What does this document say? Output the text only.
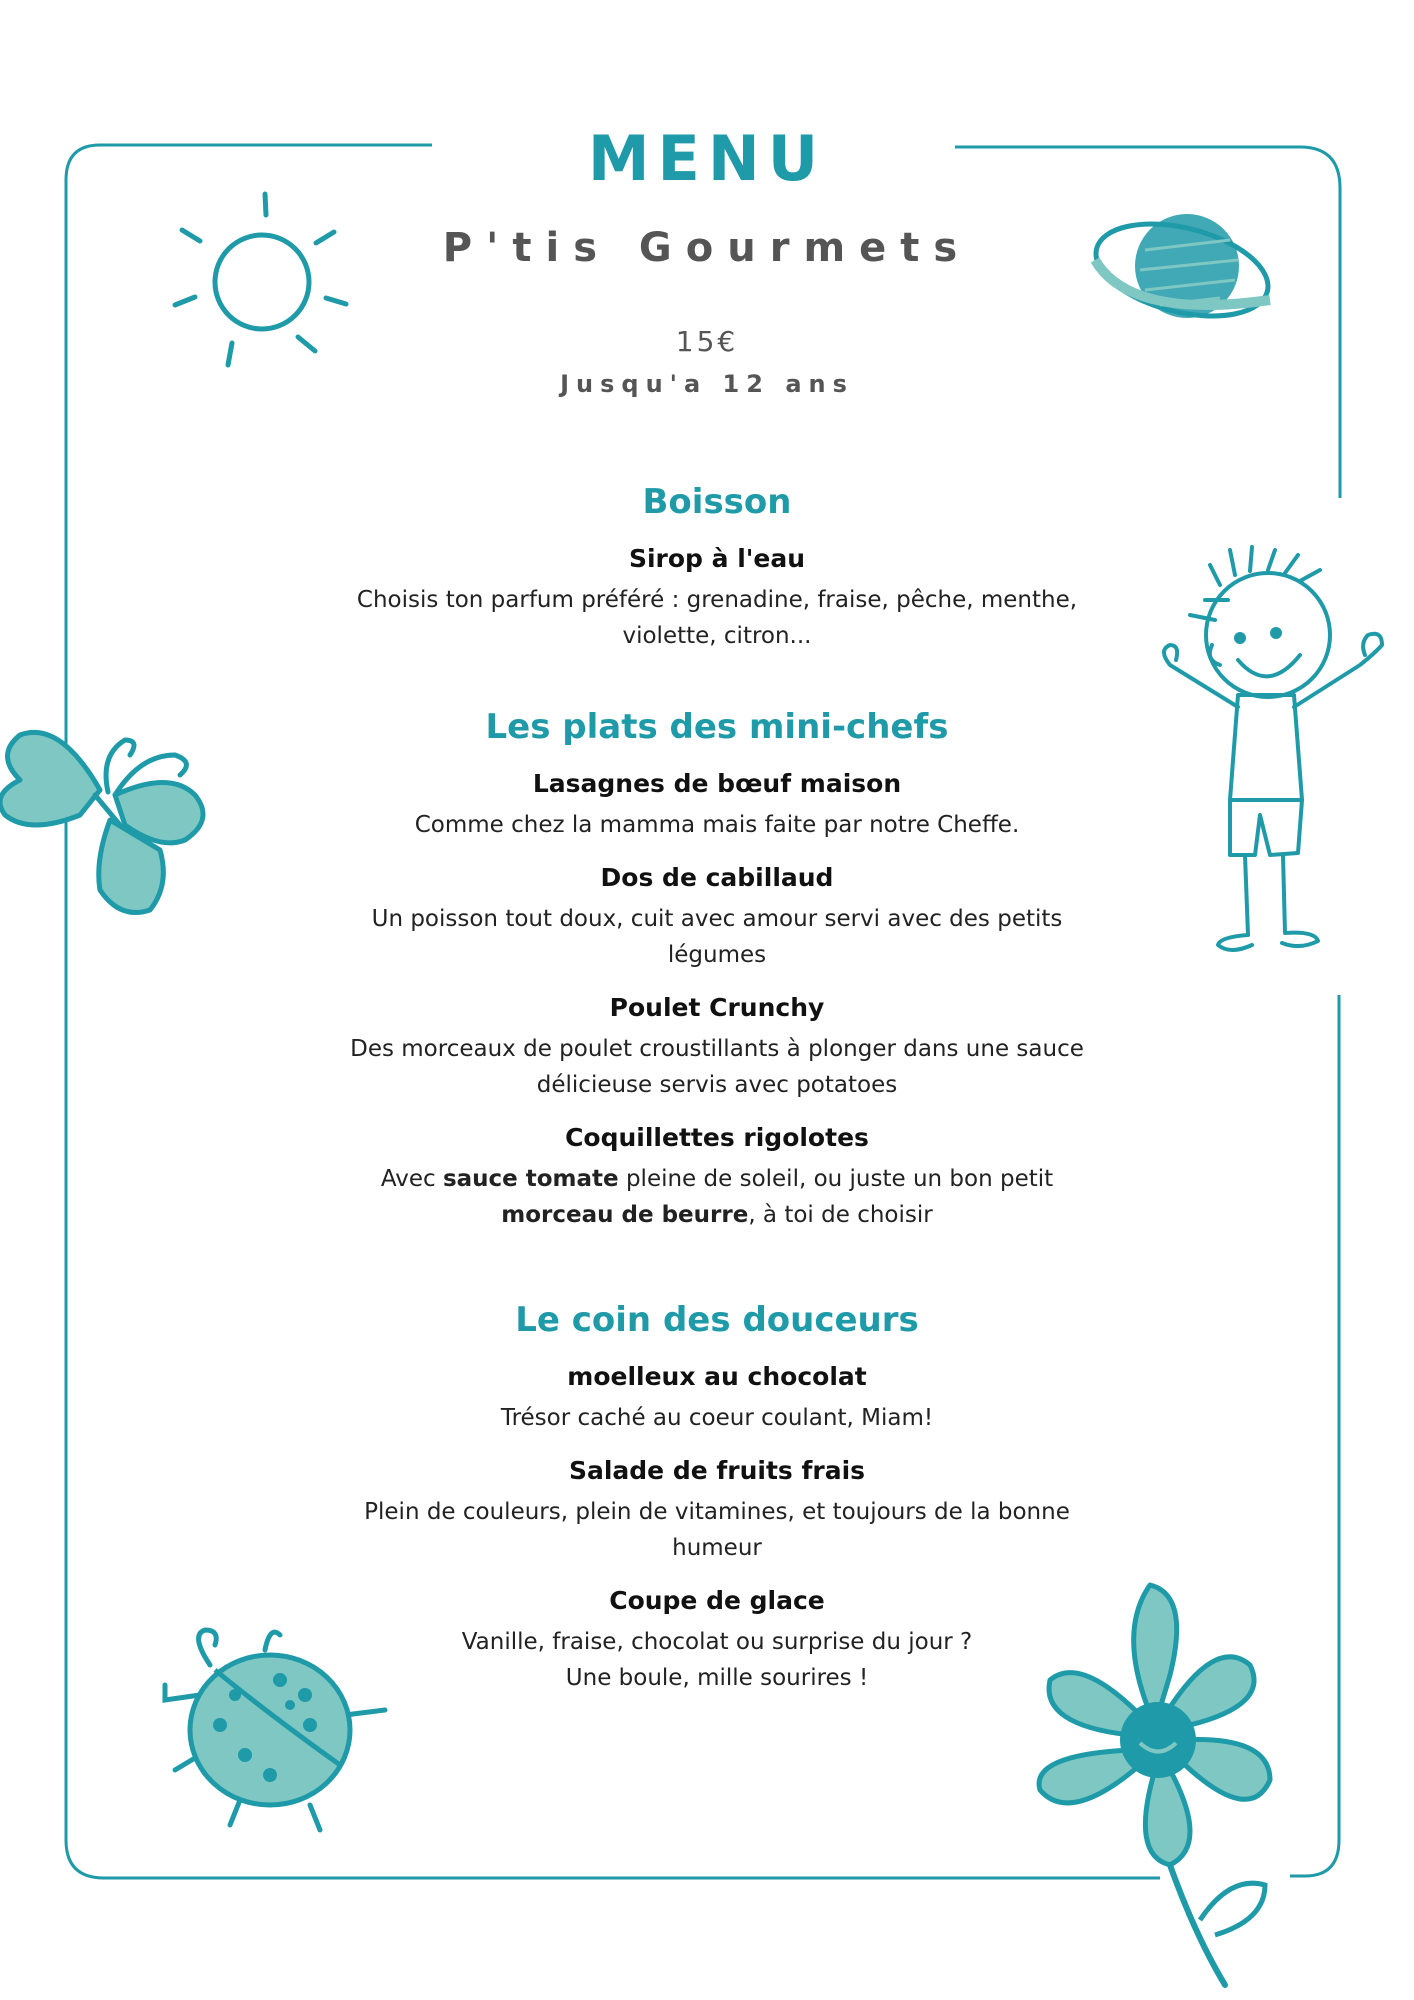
MENU
P'tis Gourmets
15€
Jusqu'a 12 ans
Boisson
Sirop à l'eau
Choisis ton parfum préféré : grenadine, fraise, pêche, menthe, violette, citron...
Les plats des mini-chefs
Lasagnes de bœuf maison
Comme chez la mamma mais faite par notre Cheffe.
Dos de cabillaud
Un poisson tout doux, cuit avec amour servi avec des petits légumes
Poulet Crunchy
Des morceaux de poulet croustillants à plonger dans une sauce délicieuse servis avec potatoes
Coquillettes rigolotes
Avec sauce tomate pleine de soleil, ou juste un bon petit
morceau de beurre, à toi de choisir
Le coin des douceurs
moelleux au chocolat
Trésor caché au coeur coulant, Miam!
Salade de fruits frais
Plein de couleurs, plein de vitamines, et toujours de la bonne humeur
Coupe de glace
Vanille, fraise, chocolat ou surprise du jour ?
Une boule, mille sourires !
